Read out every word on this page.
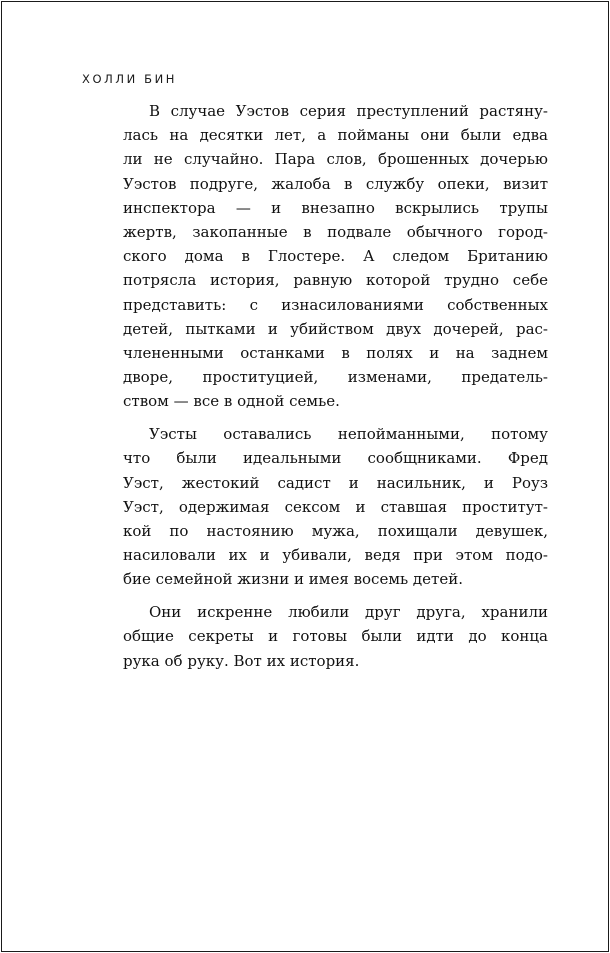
ХОЛЛИ БИН

В случае Уэстов серия преступлений растяну-
лась на десятки лет, а пойманы они были едва
ли не случайно. Пара слов, брошенных дочерью
Уэстов подруге, жалоба в службу опеки, визит
инспектора — и внезапно вскрылись трупы
жертв, закопанные в подвале обычного город-
ского дома в Глостере. А следом Британию
потрясла история, равную которой трудно себе
представить: с изнасилованиями собственных
детей, пытками и убийством двух дочерей, рас-
члененными останками в полях и на заднем
дворе, проституцией, изменами, предатель-
ством — все в одной семье.

Уэсты оставались непойманными, потому
что были идеальными сообщниками. Фред
Уэст, жестокий садист и насильник, и Роуз
Уэст, одержимая сексом и ставшая проститут-
кой по настоянию мужа, похищали девушек,
насиловали их и убивали, ведя при этом подо-
бие семейной жизни и имея восемь детей.

Они искренне любили друг друга, хранили
общие секреты и готовы были идти до конца
рука об руку. Вот их история.
